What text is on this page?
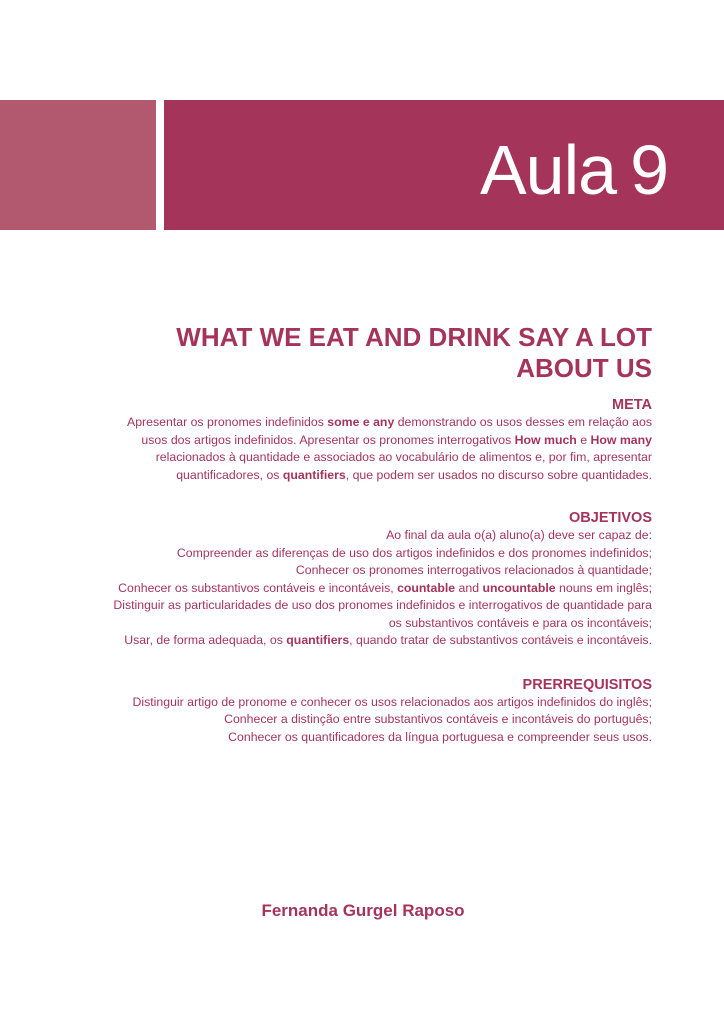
Aula 9
WHAT WE EAT AND DRINK SAY A LOT ABOUT US
META

Apresentar os pronomes indefinidos some e any demonstrando os usos desses em relação aos usos dos artigos indefinidos. Apresentar os pronomes interrogativos How much e How many relacionados à quantidade e associados ao vocabulário de alimentos e, por fim, apresentar quantificadores, os quantifiers, que podem ser usados no discurso sobre quantidades.

OBJETIVOS

Ao final da aula o(a) aluno(a) deve ser capaz de:
Compreender as diferenças de uso dos artigos indefinidos e dos pronomes indefinidos;
Conhecer os pronomes interrogativos relacionados à quantidade;
Conhecer os substantivos contáveis e incontáveis, countable and uncountable nouns em inglês;
Distinguir as particularidades de uso dos pronomes indefinidos e interrogativos de quantidade para os substantivos contáveis e para os incontáveis;
Usar, de forma adequada, os quantifiers, quando tratar de substantivos contáveis e incontáveis.

PRERREQUISITOS

Distinguir artigo de pronome e conhecer os usos relacionados aos artigos indefinidos do inglês;
Conhecer a distinção entre substantivos contáveis e incontáveis do português;
Conhecer os quantificadores da língua portuguesa e compreender seus usos.

Fernanda Gurgel Raposo
